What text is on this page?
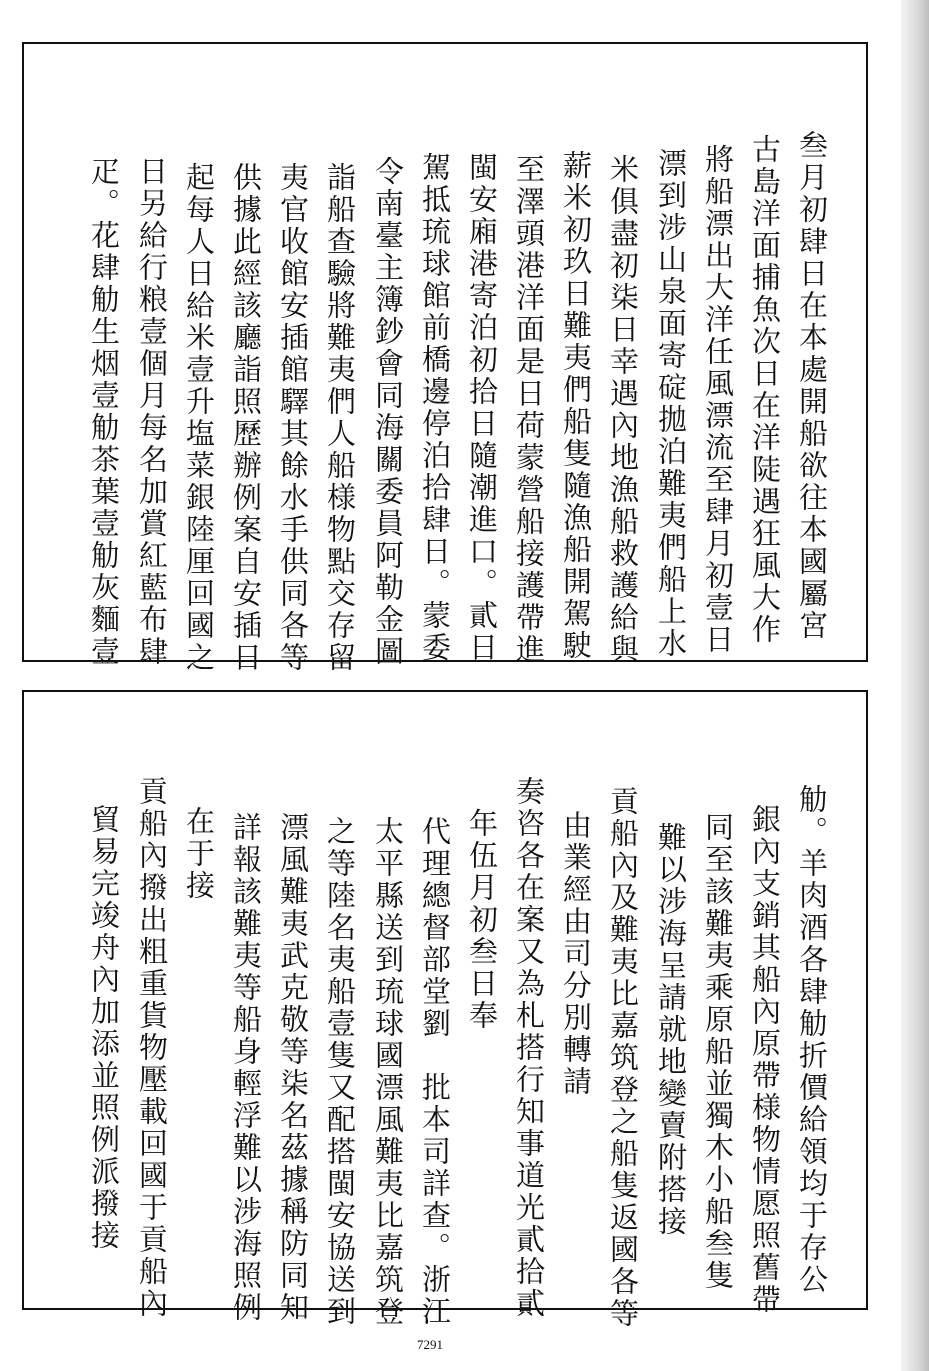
叁月初肆日在本處開船欲往本國屬宮
古島洋面捕魚次日在洋陡遇狂風大作
將船漂出大洋任風漂流至肆月初壹日
漂到涉山泉面寄碇拋泊難夷們船上水
米俱盡初柒日幸遇內地漁船救護給與
薪米初玖日難夷們船隻隨漁船開駕駛
至澤頭港洋面是日荷蒙營船接護帶進
閩安廂港寄泊初拾日隨潮進口。貳日
駕抵琉球館前橋邊停泊拾肆日。蒙委
令南臺主簿鈔會同海關委員阿勒金圖
詣船查驗將難夷們人船様物點交存留
夷官收館安插館驛其餘水手供同各等
供據此經該廳詣照歷辦例案自安插日
起每人日給米壹升塩菜銀陸厘回國之
日另給行粮壹個月每名加賞紅藍布肆
疋。花肆觔生烟壹觔茶葉壹觔灰麵壹
觔。羊肉酒各肆觔折價給領均于存公
銀內支銷其船內原帶様物情愿照舊帶
同至該難夷乘原船並獨木小船叁隻
難以涉海呈請就地變賣附搭接
貢船內及難夷比嘉筑登之船隻返國各等
由業經由司分別轉請
奏咨各在案又為札搭行知事道光貳拾貳
年伍月初叁日奉
代理總督部堂劉　批本司詳查。浙江
太平縣送到琉球國漂風難夷比嘉筑登
之等陸名夷船壹隻又配搭閩安協送到
漂風難夷武克敬等柒名茲據稱防同知
詳報該難夷等船身輕浮難以涉海照例
在于接
貢船內撥出粗重貨物壓載回國于貢船內
貿易完竣舟內加添並照例派撥接
7291
